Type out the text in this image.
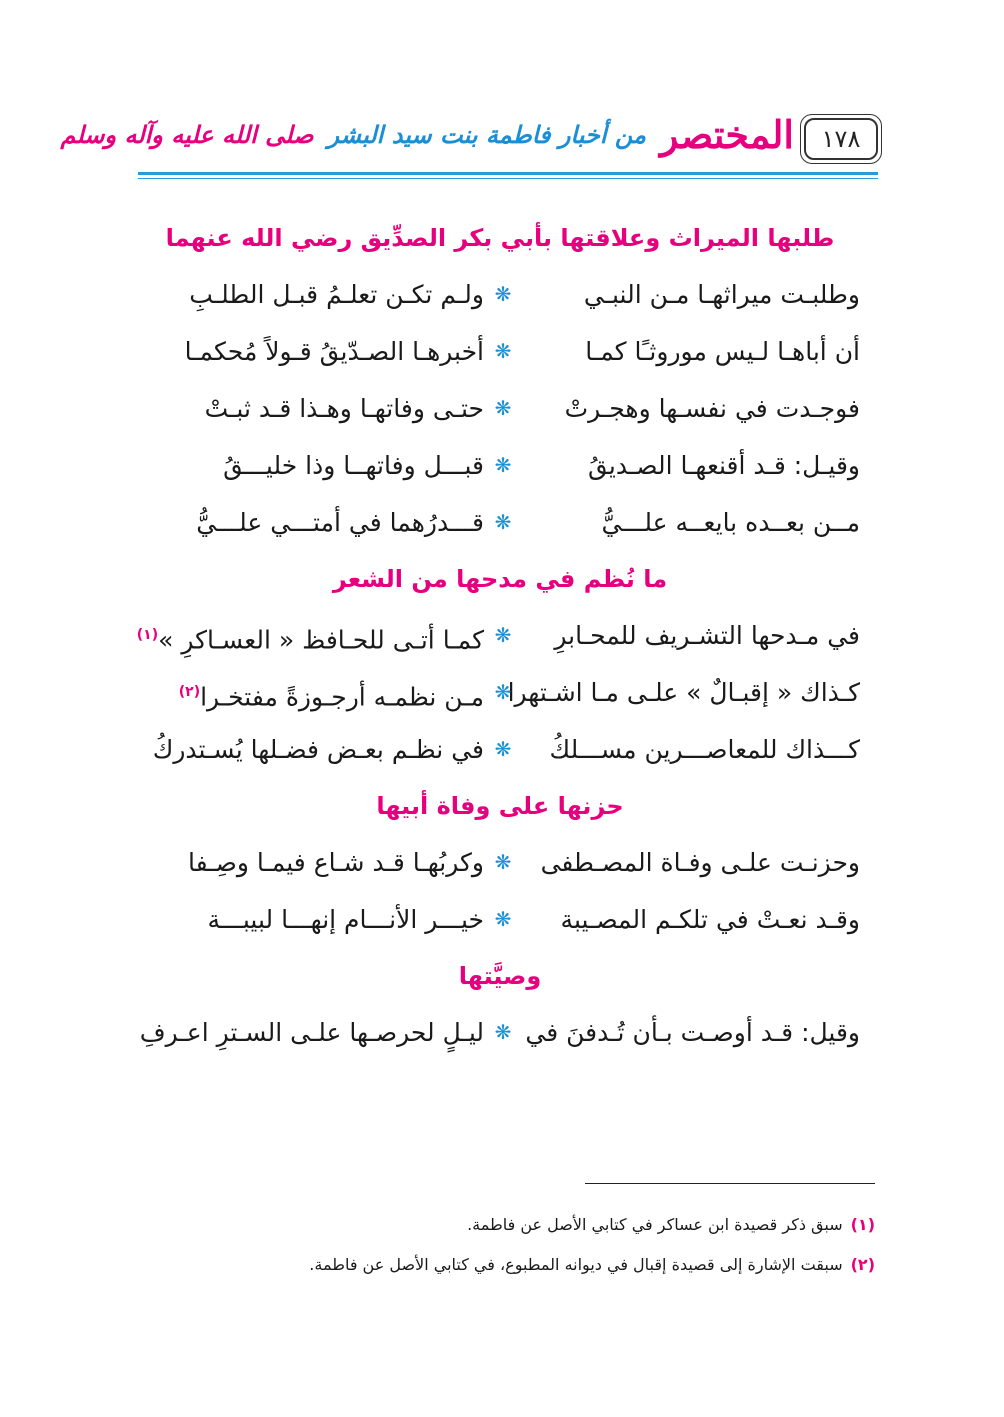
١٧٨
المختصر
من أخبار فاطمة بنت سيد البشر
صلى الله عليه وآله وسلم
طلبها الميراث وعلاقتها بأبي بكر الصدِّيق رضي الله عنهما
وطلبـت ميراثهـا مـن النبـي
❋
ولـم تكـن تعلـمُ قبـل الطلـبِ
أن أباهـا لـيس موروثـًا كمـا
❋
أخبرهـا الصـدّيقُ قـولاً مُحكمـا
فوجـدت في نفسـها وهجـرتْ
❋
حتـى وفاتهـا وهـذا قـد ثبـتْ
وقيـل: قـد أقنعهـا الصـديقُ
❋
قبـــل وفاتهــا وذا خليـــقُ
مــن بعــده بايعــه علـــيُّ
❋
قـــدرُهما في أمتـــي علـــيُّ
ما نُظم في مدحها من الشعر
في مـدحها التشـريف للمحـابرِ
❋
كمـا أتـى للحـافظ « العسـاكرِ »$^{(١)}$
كـذاك « إقبـالٌ » علـى مـا اشـتهرا
❋
مـن نظمـه أرجـوزةً مفتخـرا$^{(٢)}$
كـــذاك للمعاصـــرين مســـلكُ
❋
في نظـم بعـض فضـلها يُسـتدركُ
حزنها على وفاة أبيها
وحزنـت علـى وفـاة المصـطفى
❋
وكربُهـا قـد شـاع فيمـا وصِـفا
وقـد نعـتْ في تلكـم المصـيبة
❋
خيـــر الأنـــام إنهـــا لبيبـــة
وصيَّتها
وقيل: قـد أوصـت بـأن تُـدفنَ في
❋
ليـلٍ لحرصـها علـى السـترِ اعـرفِ
(١)سبق ذكر قصيدة ابن عساكر في كتابي الأصل عن فاطمة.
(٢)سبقت الإشارة إلى قصيدة إقبال في ديوانه المطبوع، في كتابي الأصل عن فاطمة.
